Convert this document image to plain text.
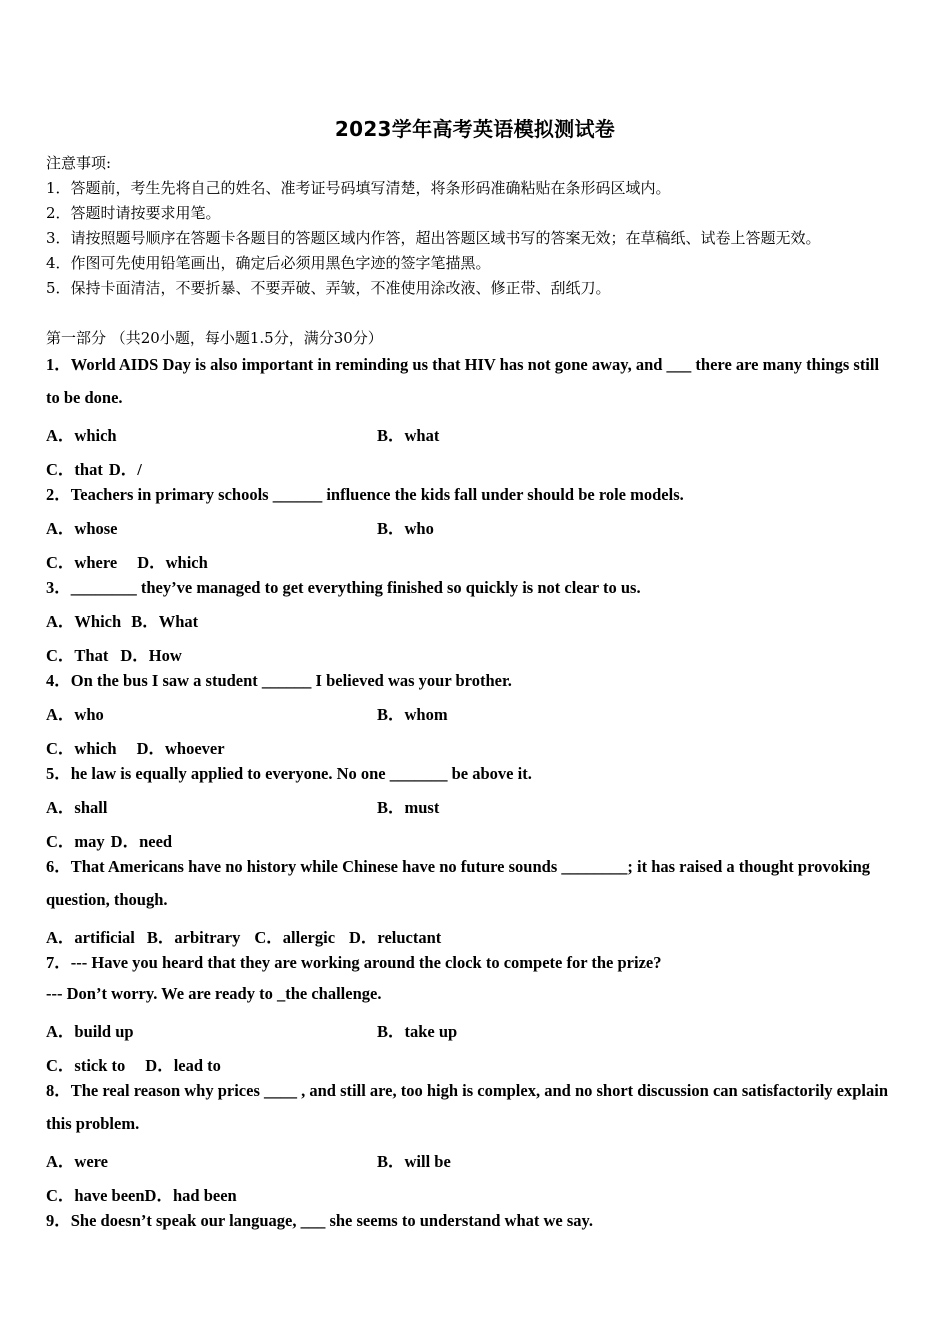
2023学年高考英语模拟测试卷
注意事项:
1．答题前，考生先将自己的姓名、准考证号码填写清楚，将条形码准确粘贴在条形码区域内。
2．答题时请按要求用笔。
3．请按照题号顺序在答题卡各题目的答题区域内作答，超出答题区域书写的答案无效；在草稿纸、试卷上答题无效。
4．作图可先使用铅笔画出，确定后必须用黑色字迹的签字笔描黑。
5．保持卡面清洁，不要折暴、不要弄破、弄皱，不准使用涂改液、修正带、刮纸刀。
第一部分 （共20小题，每小题1.5分，满分30分）
1．World AIDS Day is also important in reminding us that HIV has not gone away, and ___ there are many things still
to be done.
A．which	B．what
C．that D．/
2．Teachers in primary schools ______ influence the kids fall under should be role models.
A．whose	B．who
C．where D．which
3．________ they’ve managed to get everything finished so quickly is not clear to us.
A．Which B．What
C．That D．How
4．On the bus I saw a student ______ I believed was your brother.
A．who	B．whom
C．which D．whoever
5．he law is equally applied to everyone. No one _______ be above it.
A．shall	B．must
C．may D．need
6．That Americans have no history while Chinese have no future sounds ________; it has raised a thought provoking
question, though.
A．artificial B．arbitrary C．allergic D．reluctant
7．--- Have you heard that they are working around the clock to compete for the prize?
--- Don’t worry. We are ready to _the challenge.
A．build up	B．take up
C．stick to D．lead to
8．The real reason why prices ____ , and still are, too high is complex, and no short discussion can satisfactorily explain
this problem.
A．were	B．will be
C．have beenD．had been
9．She doesn’t speak our language, ___ she seems to understand what we say.
